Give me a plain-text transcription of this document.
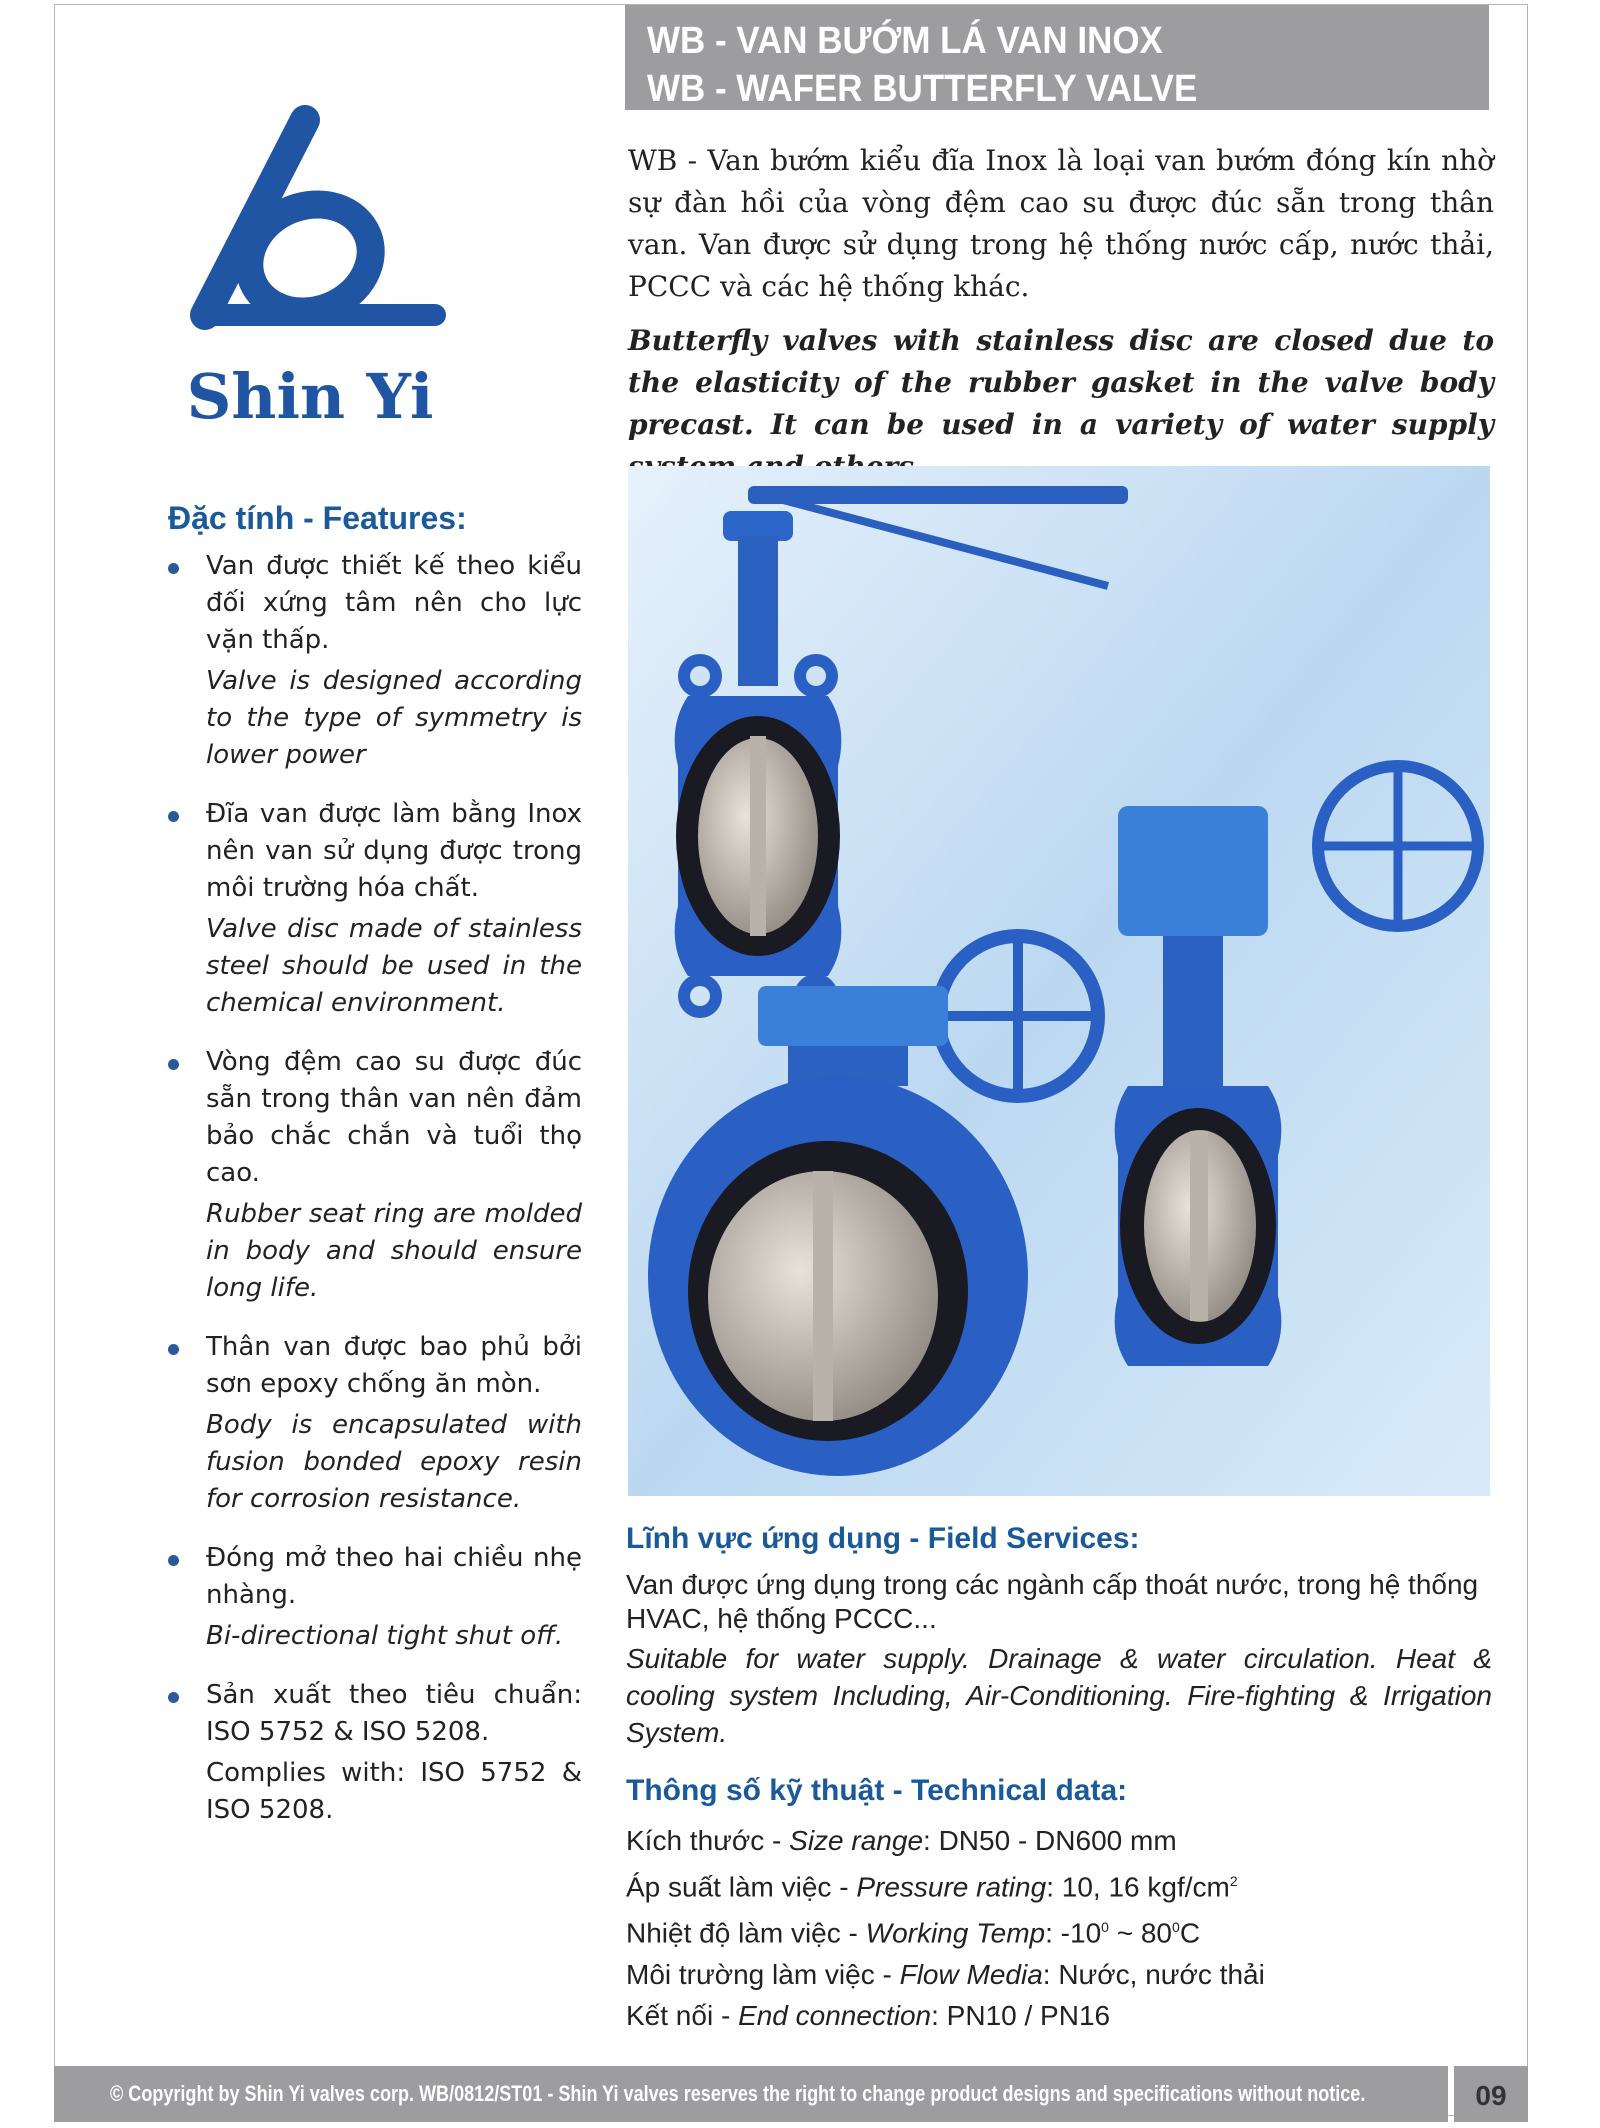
WB - VAN BƯỚM LÁ VAN INOX
WB - WAFER BUTTERFLY VALVE
Shin Yi
WB - Van bướm kiểu đĩa Inox là loại van bướm đóng kín nhờ sự đàn hồi của vòng đệm cao su được đúc sẵn trong thân van. Van được sử dụng trong hệ thống nước cấp, nước thải, PCCC và các hệ thống khác.
Butterfly valves with stainless disc are closed due to the elasticity of the rubber gasket in the valve body precast. It can be used in a variety of water supply
Đặc tính - Features:
Van được thiết kế theo kiểu đối xứng tâm nên cho lực vặn thấp.
Valve is designed according to the type of symmetry is lower power
Đĩa van được làm bằng Inox nên van sử dụng được trong môi trường hóa chất.
Valve disc made of stainless steel should be used in the chemical environment.
Vòng đệm cao su được đúc sẵn trong thân van nên đảm bảo chắc chắn và tuổi thọ cao.
Rubber seat ring are molded in body and should ensure long life.
Thân van được bao phủ bởi sơn epoxy chống ăn mòn.
Body is encapsulated with fusion bonded epoxy resin for corrosion resistance.
Đóng mở theo hai chiều nhẹ nhàng.
Bi-directional tight shut off.
Sản xuất theo tiêu chuẩn: ISO 5752 & ISO 5208.
Complies with: ISO 5752 & ISO 5208.
Lĩnh vực ứng dụng - Field Services:
Van được ứng dụng trong các ngành cấp thoát nước, trong hệ thống HVAC, hệ thống PCCC...
Suitable for water supply. Drainage & water circulation. Heat & cooling system Including, Air-Conditioning. Fire-fighting & Irrigation System.
Thông số kỹ thuật - Technical data:
Kích thước - Size range: DN50 - DN600 mm
Áp suất làm việc - Pressure rating: 10, 16 kgf/$cm^2$
Nhiệt độ làm việc - Working Temp: $-10^0$ ~ $80^0C$
Môi trường làm việc - Flow Media: Nước, nước thải
Kết nối - End connection: PN10 / PN16
© Copyright by Shin Yi valves corp. WB/0812/ST01 - Shin Yi valves reserves the right to change product designs and specifications without notice.	09
